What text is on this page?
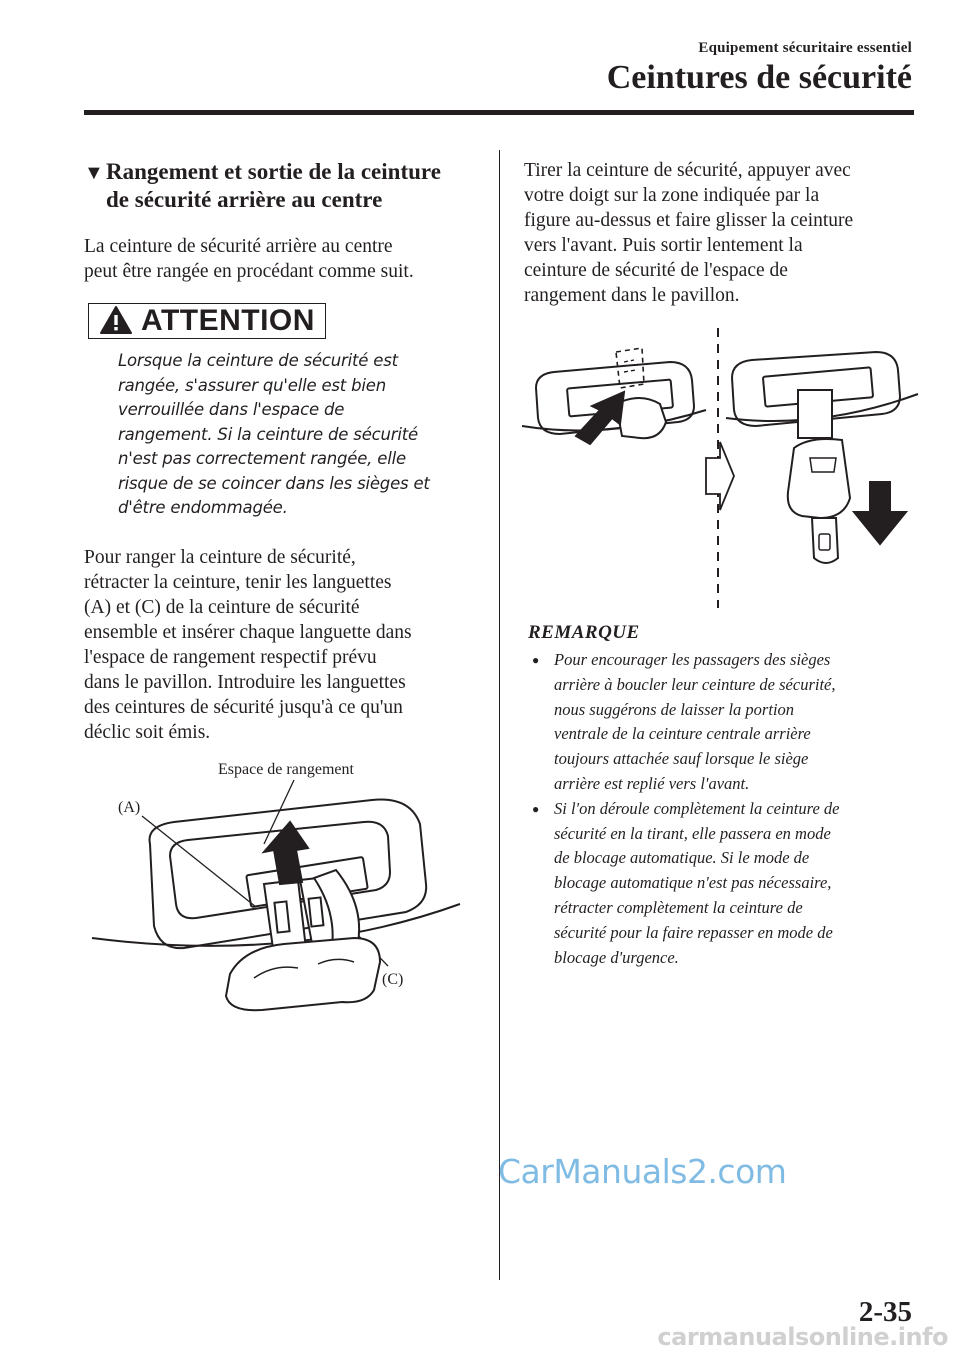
Equipement sécuritaire essentiel
Ceintures de sécurité
▼ Rangement et sortie de la ceinture
de sécurité arrière au centre

La ceinture de sécurité arrière au centre
peut être rangée en procédant comme suit.

ATTENTION

Lorsque la ceinture de sécurité est
rangée, s'assurer qu'elle est bien
verrouillée dans l'espace de
rangement. Si la ceinture de sécurité
n'est pas correctement rangée, elle
risque de se coincer dans les sièges et
d'être endommagée.

Pour ranger la ceinture de sécurité,
rétracter la ceinture, tenir les languettes
(A) et (C) de la ceinture de sécurité
ensemble et insérer chaque languette dans
l'espace de rangement respectif prévu
dans le pavillon. Introduire les languettes
des ceintures de sécurité jusqu'à ce qu'un
déclic soit émis.

Espace de rangement
(A)
(C)

Tirer la ceinture de sécurité, appuyer avec
votre doigt sur la zone indiquée par la
figure au-dessus et faire glisser la ceinture
vers l'avant. Puis sortir lentement la
ceinture de sécurité de l'espace de
rangement dans le pavillon.

REMARQUE
● Pour encourager les passagers des sièges
arrière à boucler leur ceinture de sécurité,
nous suggérons de laisser la portion
ventrale de la ceinture centrale arrière
toujours attachée sauf lorsque le siège
arrière est replié vers l'avant.
● Si l'on déroule complètement la ceinture de
sécurité en la tirant, elle passera en mode
de blocage automatique. Si le mode de
blocage automatique n'est pas nécessaire,
rétracter complètement la ceinture de
sécurité pour la faire repasser en mode de
blocage d'urgence.
CarManuals2.com
2-35
carmanualsonline.info
